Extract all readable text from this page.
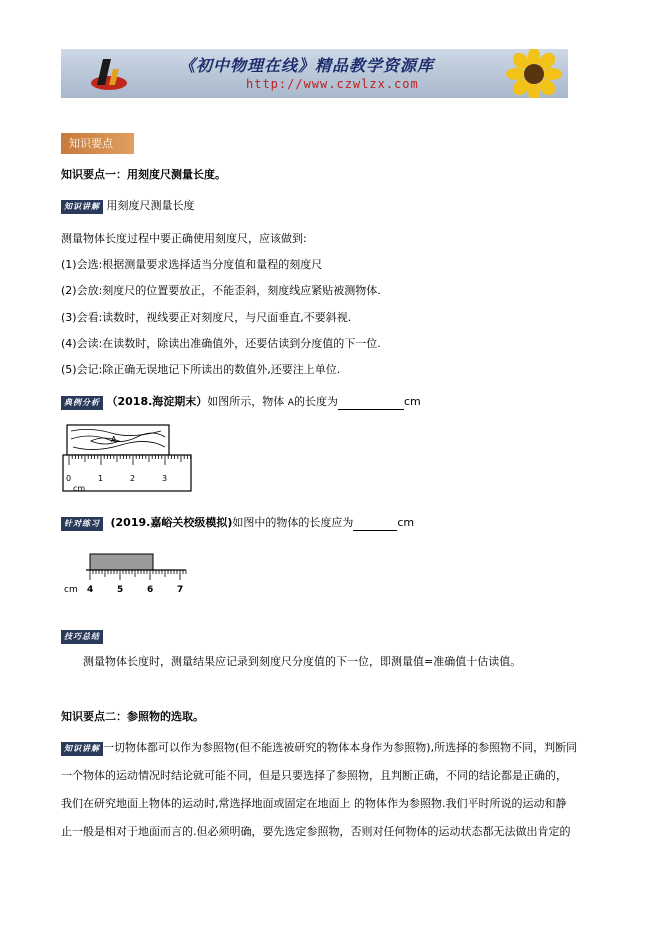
《初中物理在线》精品教学资源库
http://www.czwlzx.com
知识要点
知识要点一：用刻度尺测量长度。
知识讲解 用刻度尺测量长度
测量物体长度过程中要正确使用刻度尺，应该做到:
(1)会选:根据测量要求选择适当分度值和量程的刻度尺
(2)会放:刻度尺的位置要放正，不能歪斜，刻度线应紧贴被测物体.
(3)会看:读数时，视线要正对刻度尺，与尺面垂直,不要斜视.
(4)会读:在读数时，除读出准确值外，还要估读到分度值的下一位.
(5)会记:除正确无误地记下所读出的数值外,还要注上单位.
典例分析 （2018.海淀期末）如图所示，物体 A的长度为	cm
A
0	1	2	3
cm
针对练习 (2019.嘉峪关校级模拟)如图中的物体的长度应为	cm
4	5	6	7
cm
技巧总结
测量物体长度时，测量结果应记录到刻度尺分度值的下一位，即测量值=准确值十估读值。
知识要点二：参照物的选取。
知识讲解 一切物体都可以作为参照物(但不能选被研究的物体本身作为参照物),所选择的参照物不同，判断同
一个物体的运动情况时结论就可能不同，但是只要选择了参照物，且判断正确，不同的结论都是正确的，
我们在研究地面上物体的运动时,常选择地面或固定在地面上 的物体作为参照物.我们平时所说的运动和静
止一般是相对于地面而言的.但必须明确，要先选定参照物，否则对任何物体的运动状态都无法做出肯定的
